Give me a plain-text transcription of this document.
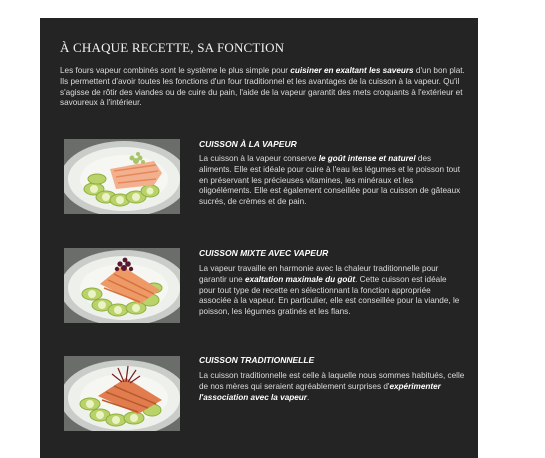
À CHAQUE RECETTE, SA FONCTION

Les fours vapeur combinés sont le système le plus simple pour cuisiner en exaltant les saveurs d'un bon plat. Ils permettent d'avoir toutes les fonctions d'un four traditionnel et les avantages de la cuisson à la vapeur. Qu'il s'agisse de rôtir des viandes ou de cuire du pain, l'aide de la vapeur garantit des mets croquants à l'extérieur et savoureux à l'intérieur.

CUISSON À LA VAPEUR

La cuisson à la vapeur conserve le goût intense et naturel des aliments. Elle est idéale pour cuire à l'eau les légumes et le poisson tout en préservant les précieuses vitamines, les minéraux et les oligoéléments. Elle est également conseillée pour la cuisson de gâteaux sucrés, de crèmes et de pain.

CUISSON MIXTE AVEC VAPEUR

La vapeur travaille en harmonie avec la chaleur traditionnelle pour garantir une exaltation maximale du goût. Cette cuisson est idéale pour tout type de recette en sélectionnant la fonction appropriée associée à la vapeur. En particulier, elle est conseillée pour la viande, le poisson, les légumes gratinés et les flans.

CUISSON TRADITIONNELLE

La cuisson traditionnelle est celle à laquelle nous sommes habitués, celle de nos mères qui seraient agréablement surprises d'expérimenter l'association avec la vapeur.
